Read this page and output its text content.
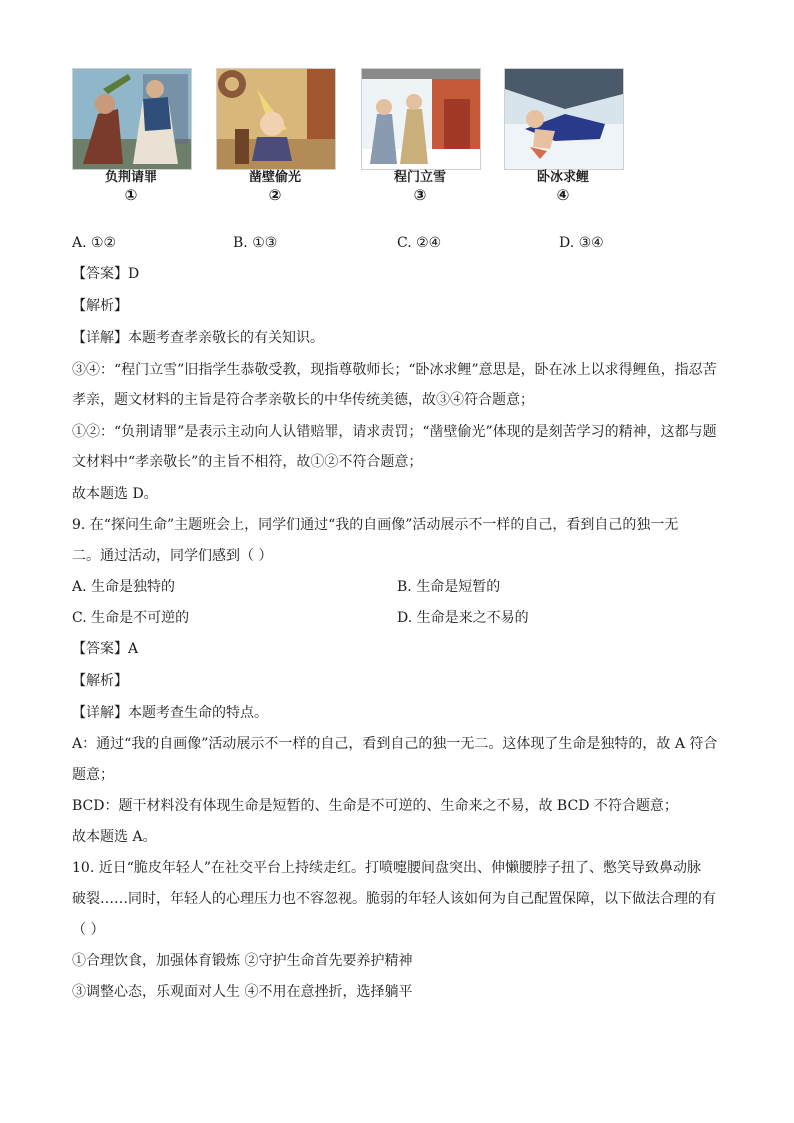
负荆请罪
①
凿壁偷光
②
程门立雪
③
卧冰求鲤
④
A. ①②	B. ①③	C. ②④	D. ③④
【答案】D
【解析】
【详解】本题考查孝亲敬长的有关知识。
③④：“程门立雪”旧指学生恭敬受教，现指尊敬师长；“卧冰求鲤”意思是，卧在冰上以求得鲤鱼，指忍苦
孝亲，题文材料的主旨是符合孝亲敬长的中华传统美德，故③④符合题意；
①②：“负荆请罪”是表示主动向人认错赔罪，请求责罚；“凿壁偷光”体现的是刻苦学习的精神，这都与题
文材料中“孝亲敬长”的主旨不相符，故①②不符合题意；
故本题选 D。
9. 在“探问生命”主题班会上，同学们通过“我的自画像”活动展示不一样的自己，看到自己的独一无
二。通过活动，同学们感到（ ）
A. 生命是独特的	B. 生命是短暂的
C. 生命是不可逆的	D. 生命是来之不易的
【答案】A
【解析】
【详解】本题考查生命的特点。
A：通过“我的自画像”活动展示不一样的自己，看到自己的独一无二。这体现了生命是独特的，故 A 符合
题意；
BCD：题干材料没有体现生命是短暂的、生命是不可逆的、生命来之不易，故 BCD 不符合题意；
故本题选 A。
10. 近日“脆皮年轻人”在社交平台上持续走红。打喷嚏腰间盘突出、伸懒腰脖子扭了、憋笑导致鼻动脉
破裂……同时，年轻人的心理压力也不容忽视。脆弱的年轻人该如何为自己配置保障，以下做法合理的有
（ ）
①合理饮食，加强体育锻炼 ②守护生命首先要养护精神
③调整心态，乐观面对人生 ④不用在意挫折，选择躺平
